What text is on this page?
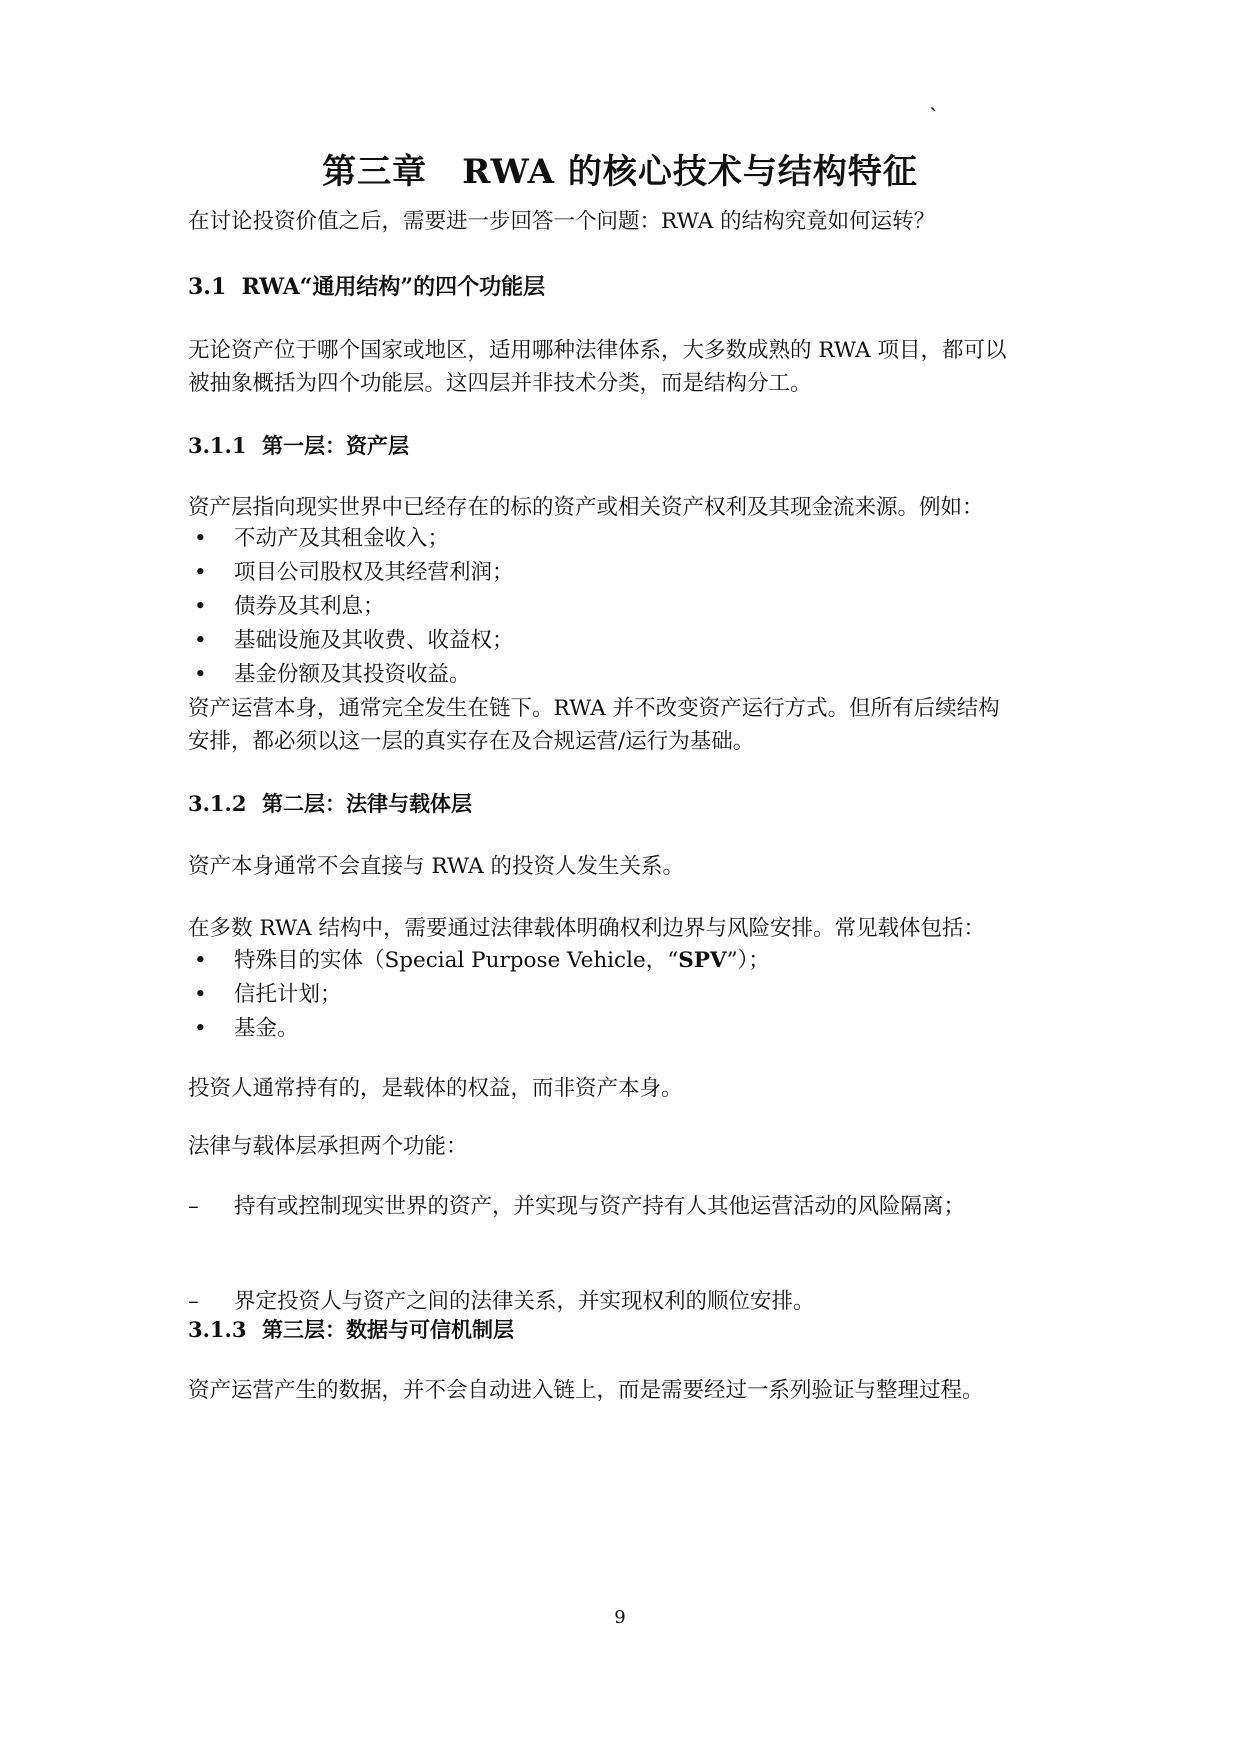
`
第三章　RWA 的核心技术与结构特征

在讨论投资价值之后，需要进一步回答一个问题：RWA 的结构究竟如何运转？

3.1 RWA“通用结构”的四个功能层

无论资产位于哪个国家或地区，适用哪种法律体系，大多数成熟的 RWA 项目，都可以

被抽象概括为四个功能层。这四层并非技术分类，而是结构分工。

3.1.1 第一层：资产层

资产层指向现实世界中已经存在的标的资产或相关资产权利及其现金流来源。例如：

• 不动产及其租金收入；

• 项目公司股权及其经营利润；

• 债券及其利息；

• 基础设施及其收费、收益权；

• 基金份额及其投资收益。

资产运营本身，通常完全发生在链下。RWA 并不改变资产运行方式。但所有后续结构

安排，都必须以这一层的真实存在及合规运营/运行为基础。

3.1.2 第二层：法律与载体层

资产本身通常不会直接与 RWA 的投资人发生关系。

在多数 RWA 结构中，需要通过法律载体明确权利边界与风险安排。常见载体包括：

• 特殊目的实体（Special Purpose Vehicle，“SPV”）；

• 信托计划；

• 基金。

投资人通常持有的，是载体的权益，而非资产本身。

法律与载体层承担两个功能：

– 持有或控制现实世界的资产，并实现与资产持有人其他运营活动的风险隔离；

– 界定投资人与资产之间的法律关系，并实现权利的顺位安排。

3.1.3 第三层：数据与可信机制层

资产运营产生的数据，并不会自动进入链上，而是需要经过一系列验证与整理过程。

9
